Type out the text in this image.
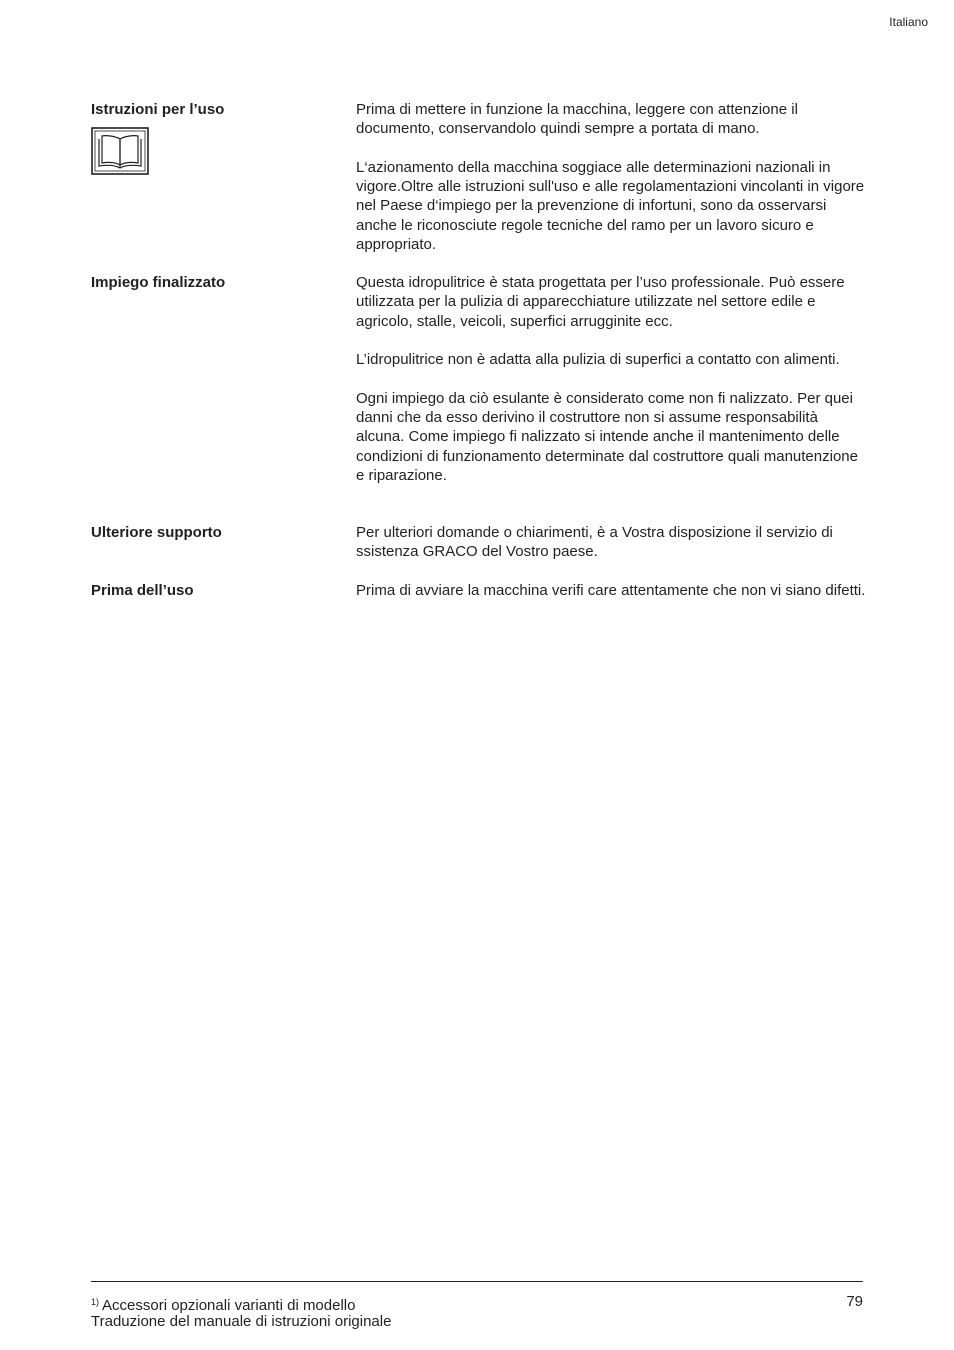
Italiano
Istruzioni per l’uso	Prima di mettere in funzione la macchina, leggere con attenzione il documento, conservandolo quindi sempre a portata di mano.

L‘azionamento della macchina soggiace alle determinazioni nazionali in vigore.Oltre alle istruzioni sull'uso e alle regolamentazioni vincolanti in vigore nel Paese d‘impiego per la prevenzione di infortuni, sono da osservarsi anche le riconosciute regole tecniche del ramo per un lavoro sicuro e appropriato.

Impiego finalizzato	Questa idropulitrice è stata progettata per l’uso professionale. Può essere utilizzata per la pulizia di apparecchiature utilizzate nel settore edile e agricolo, stalle, veicoli, superfici arrugginite ecc.

L’idropulitrice non è adatta alla pulizia di superfici a contatto con alimenti.

Ogni impiego da ciò esulante è considerato come non fi nalizzato. Per quei danni che da esso derivino il costruttore non si assume responsabilità alcuna. Come impiego fi nalizzato si intende anche il mantenimento delle condizioni di funzionamento determinate dal costruttore quali manutenzione e riparazione.

Ulteriore supporto	Per ulteriori domande o chiarimenti, è a Vostra disposizione il servizio di ssistenza GRACO del Vostro paese.

Prima dell’uso	Prima di avviare la macchina verifi care attentamente che non vi siano difetti.

$^{1)}$ Accessori opzionali varianti di modello	79
Traduzione del manuale di istruzioni originale
